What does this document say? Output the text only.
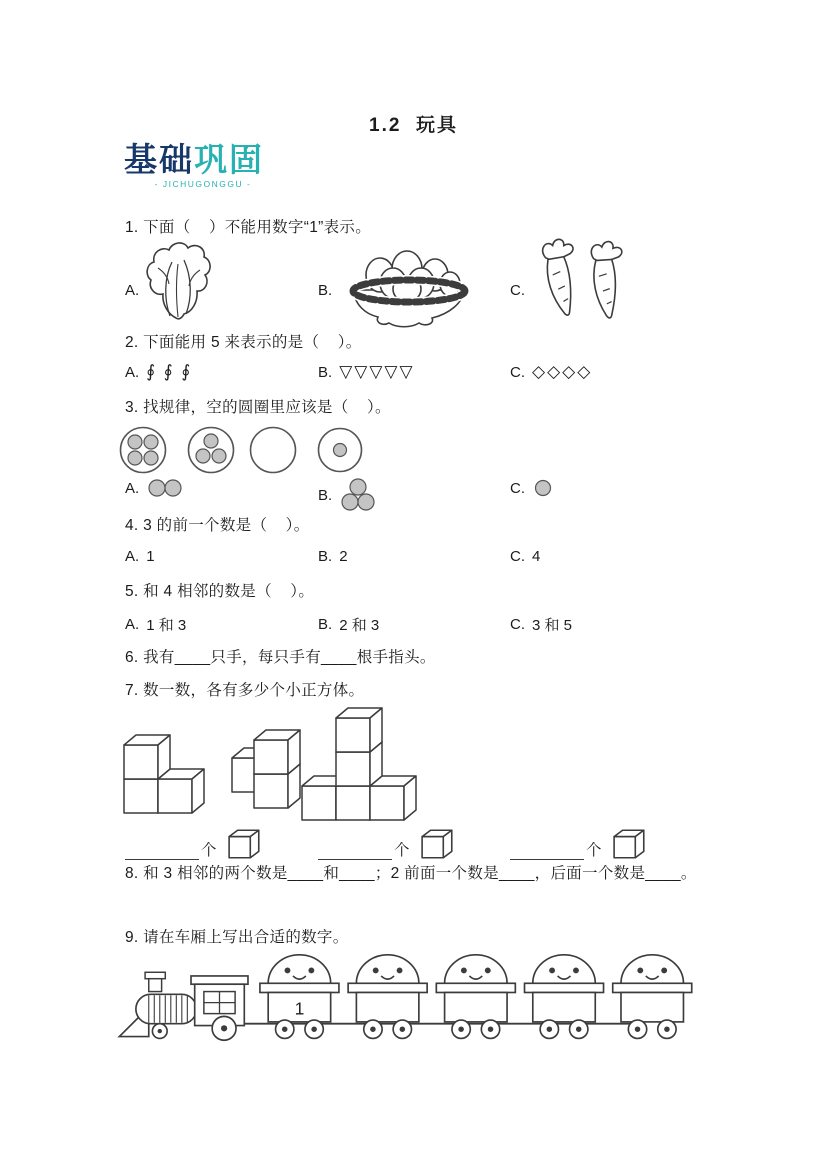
1.2  玩具
基础巩固
- JICHUGONGGU -
1. 下面（    ）不能用数字“1”表示。
A.	B.	C.
2. 下面能用 5 来表示的是（    ）。
A. ∮ ∮ ∮	B. ▽▽▽▽▽	C. ◇◇◇◇
3. 找规律，空的圆圈里应该是（    ）。
A.	B.	C.
4. 3 的前一个数是（    ）。
A. 1	B. 2	C. 4
5. 和 4 相邻的数是（    ）。
A. 1 和 3	B. 2 和 3	C. 3 和 5
6. 我有____只手，每只手有____根手指头。
7. 数一数，各有多少个小正方体。
个	个	个
8. 和 3 相邻的两个数是____和____；2 前面一个数是____，后面一个数是____。
9. 请在车厢上写出合适的数字。
1
